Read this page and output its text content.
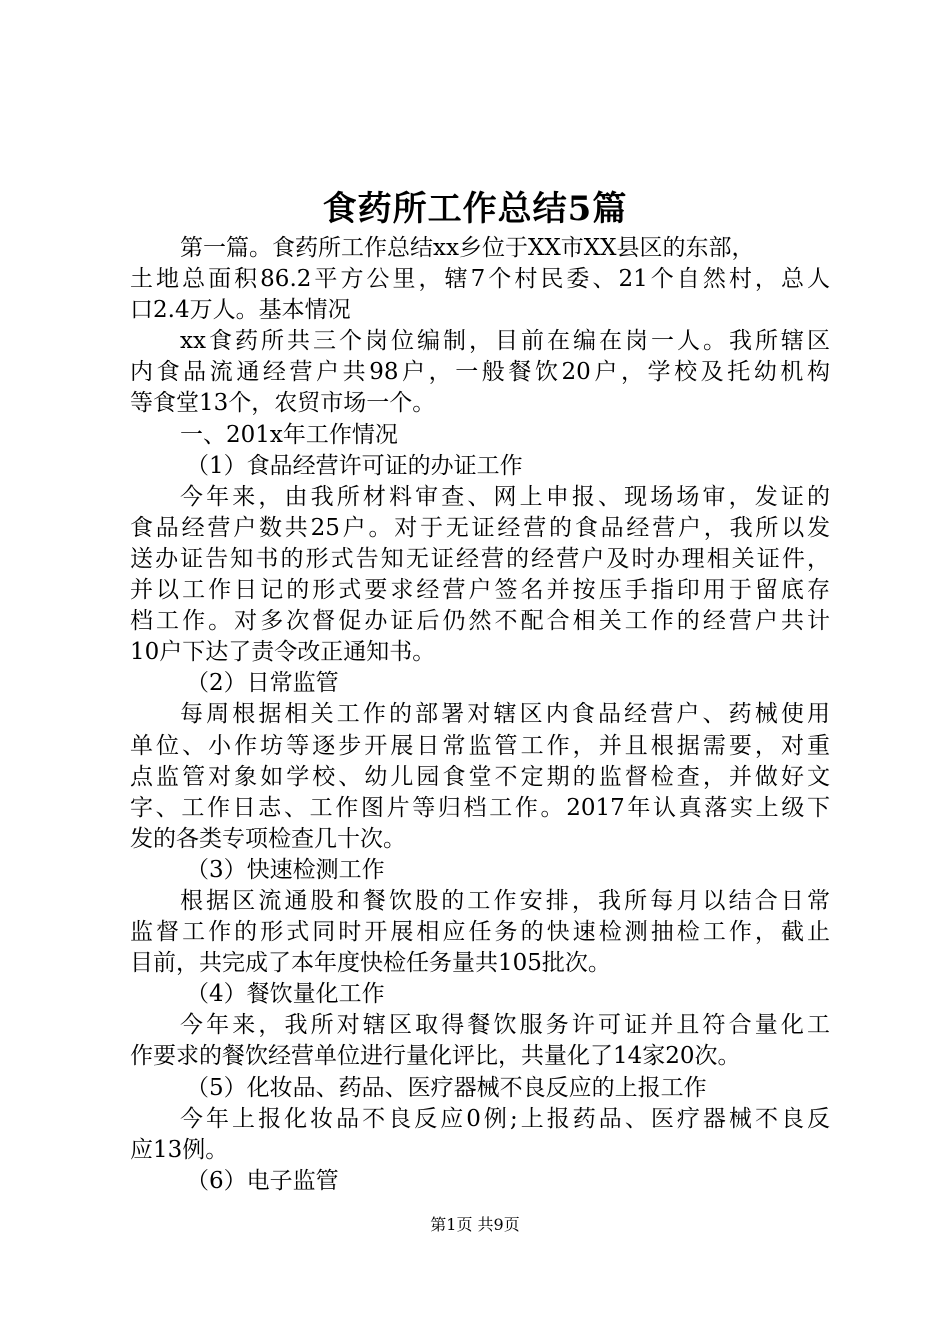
食药所工作总结5篇
第一篇。食药所工作总结xx乡位于XX市XX县区的东部，
土地总面积86.2平方公里，辖7个村民委、21个自然村，总人
口2.4万人。基本情况
xx食药所共三个岗位编制，目前在编在岗一人。我所辖区
内食品流通经营户共98户，一般餐饮20户，学校及托幼机构
等食堂13个，农贸市场一个。
一、201x年工作情况
（1）食品经营许可证的办证工作
今年来，由我所材料审查、网上申报、现场场审，发证的
食品经营户数共25户。对于无证经营的食品经营户，我所以发
送办证告知书的形式告知无证经营的经营户及时办理相关证件，
并以工作日记的形式要求经营户签名并按压手指印用于留底存
档工作。对多次督促办证后仍然不配合相关工作的经营户共计
10户下达了责令改正通知书。
（2）日常监管
每周根据相关工作的部署对辖区内食品经营户、药械使用
单位、小作坊等逐步开展日常监管工作，并且根据需要，对重
点监管对象如学校、幼儿园食堂不定期的监督检查，并做好文
字、工作日志、工作图片等归档工作。2017年认真落实上级下
发的各类专项检查几十次。
（3）快速检测工作
根据区流通股和餐饮股的工作安排，我所每月以结合日常
监督工作的形式同时开展相应任务的快速检测抽检工作，截止
目前，共完成了本年度快检任务量共105批次。
（4）餐饮量化工作
今年来，我所对辖区取得餐饮服务许可证并且符合量化工
作要求的餐饮经营单位进行量化评比，共量化了14家20次。
（5）化妆品、药品、医疗器械不良反应的上报工作
今年上报化妆品不良反应0例;上报药品、医疗器械不良反
应13例。
（6）电子监管
第1页 共9页
